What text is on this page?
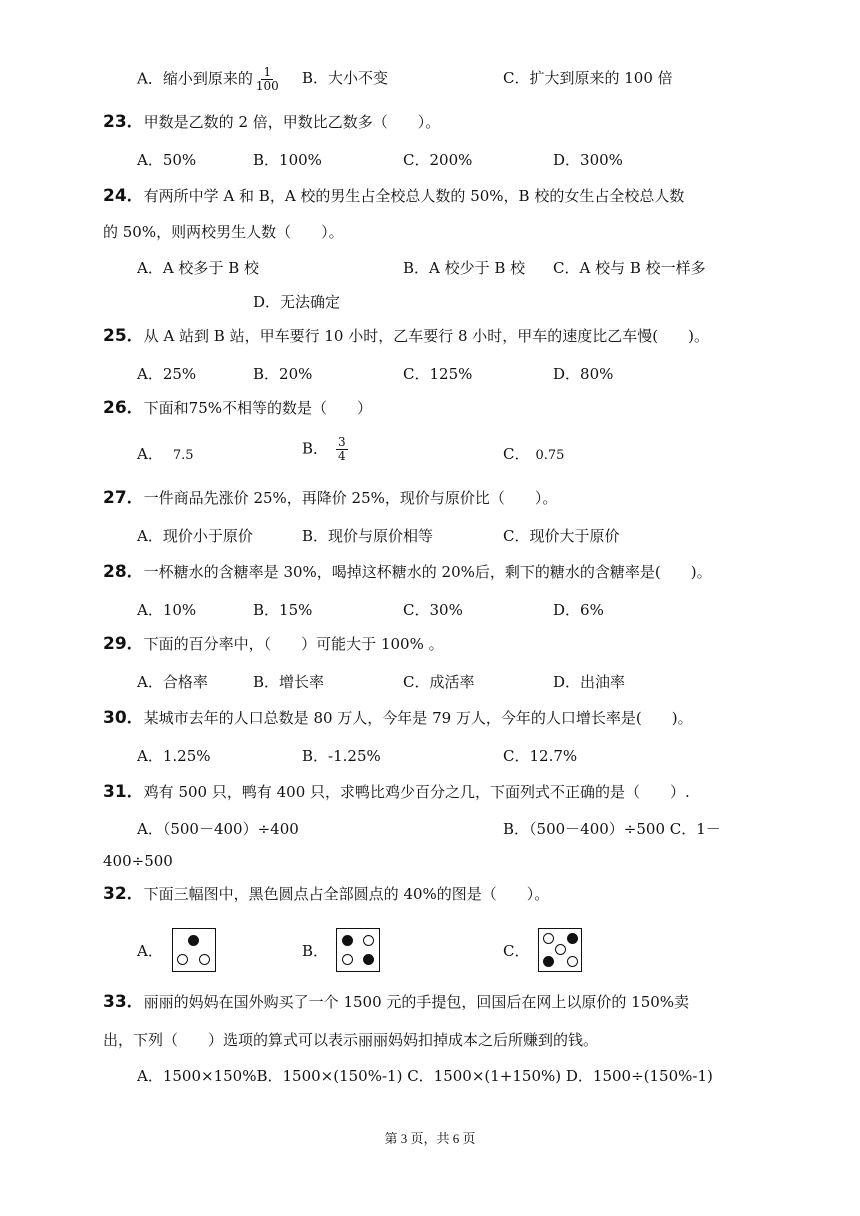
A．缩小到原来的 $\frac{1}{100}$ B．大小不变	C．扩大到原来的 100 倍
23．甲数是乙数的 2 倍，甲数比乙数多（　　）。
A．50%	B．100%	C．200%	D．300%
24．有两所中学 A 和 B，A 校的男生占全校总人数的 50%，B 校的女生占全校总人数
的 50%，则两校男生人数（　　）。
A．A 校多于 B 校	B．A 校少于 B 校 C．A 校与 B 校一样多
D．无法确定
25．从 A 站到 B 站，甲车要行 10 小时，乙车要行 8 小时，甲车的速度比乙车慢(　　)。
A．25%	B．20%	C．125%	D．80%
26．下面和75%不相等的数是（　　）
A． 7.5	B． $\frac{3}{4}$	C． 0.75
27．一件商品先涨价 25%，再降价 25%，现价与原价比（　　）。
A．现价小于原价	B．现价与原价相等	C．现价大于原价
28．一杯糖水的含糖率是 30%，喝掉这杯糖水的 20%后，剩下的糖水的含糖率是(　　)。
A．10%	B．15%	C．30%	D．6%
29．下面的百分率中，（　　）可能大于 100% 。
A．合格率	B．增长率	C．成活率	D．出油率
30．某城市去年的人口总数是 80 万人，今年是 79 万人，今年的人口增长率是(　　)。
A．1.25%	B．-1.25%	C．12.7%
31．鸡有 500 只，鸭有 400 只，求鸭比鸡少百分之几，下面列式不正确的是（　　）.
A．（500－400）÷400	B．（500－400）÷500 C．1－
400÷500
32．下面三幅图中，黑色圆点占全部圆点的 40%的图是（　　）。
A．	B．	C．
33．丽丽的妈妈在国外购买了一个 1500 元的手提包，回国后在网上以原价的 150%卖
出，下列（　　）选项的算式可以表示丽丽妈妈扣掉成本之后所赚到的钱。
A．1500×150%B．1500×(150%-1) C．1500×(1+150%) D．1500÷(150%-1)
第 3 页，共 6 页
